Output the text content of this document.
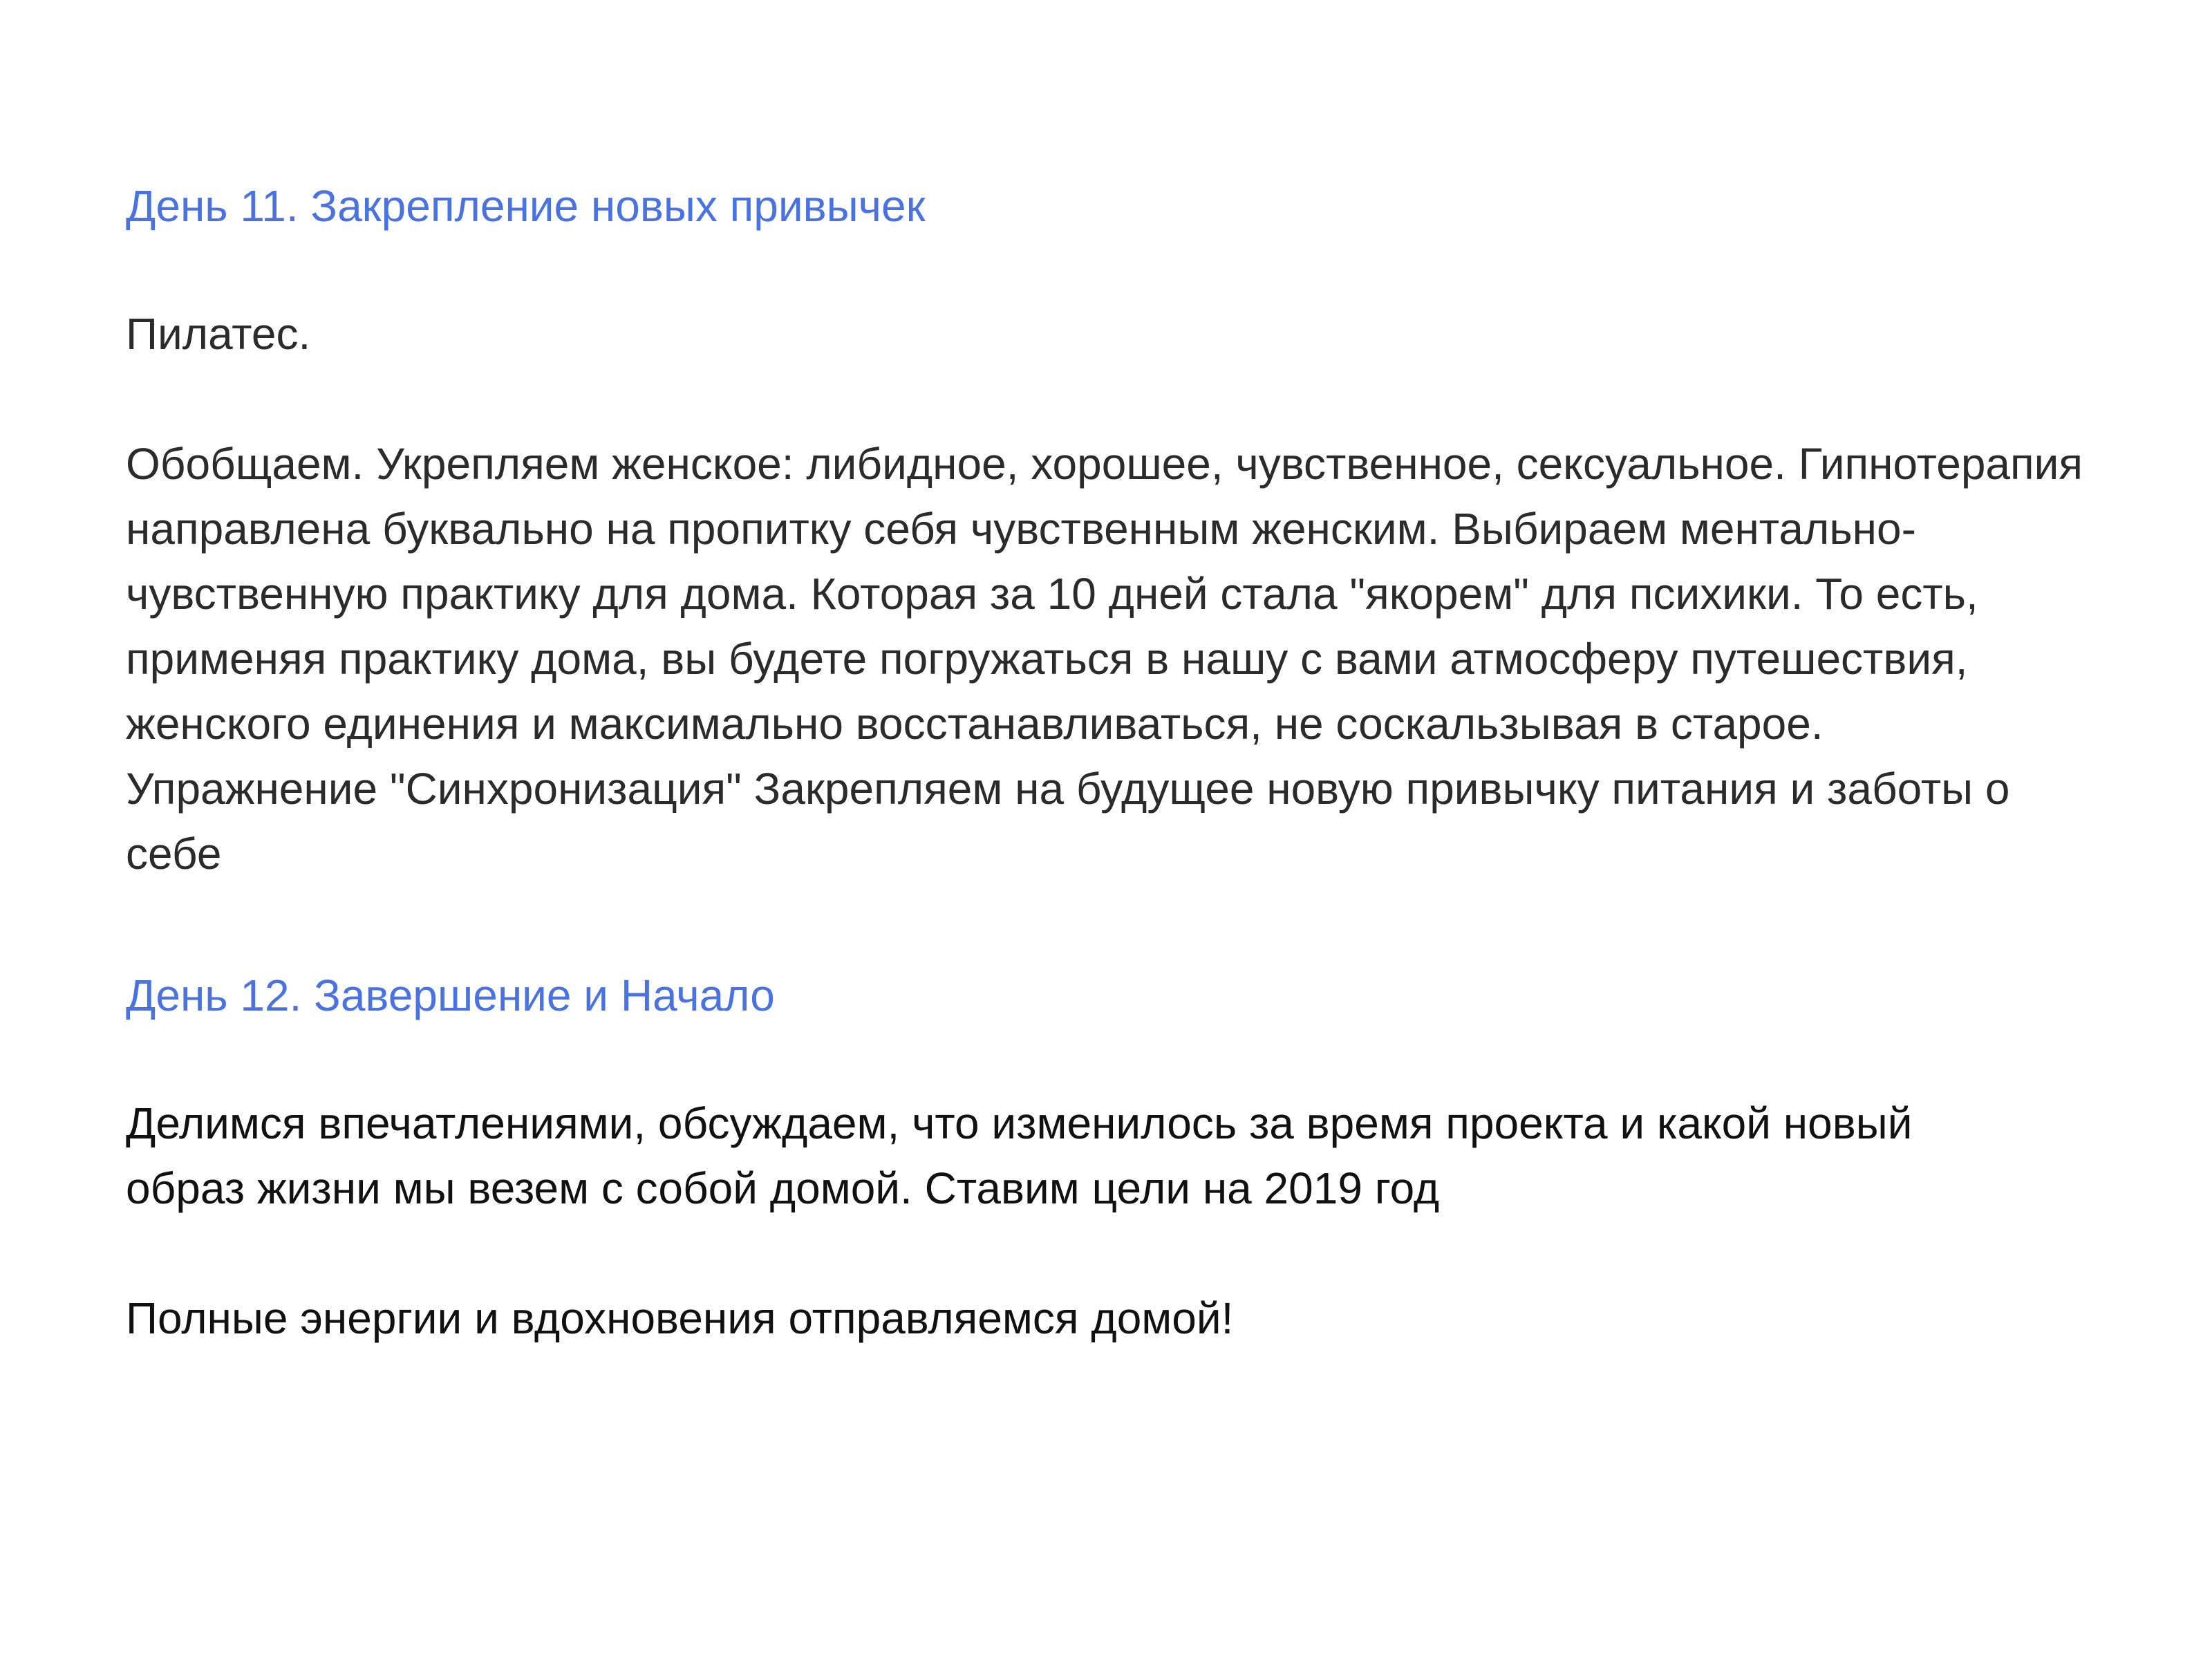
День 11. Закрепление новых привычек

Пилатес.

Обобщаем. Укрепляем женское: либидное, хорошее, чувственное, сексуальное. Гипнотерапия
направлена буквально на пропитку себя чувственным женским. Выбираем ментально-
чувственную практику для дома. Которая за 10 дней стала "якорем" для психики. То есть,
применяя практику дома, вы будете погружаться в нашу с вами атмосферу путешествия,
женского единения и максимально восстанавливаться, не соскальзывая в старое.
Упражнение "Синхронизация" Закрепляем на будущее новую привычку питания и заботы о
себе
День 12. Завершение и Начало
Делимся впечатлениями, обсуждаем, что изменилось за время проекта и какой новый
образ жизни мы везем с собой домой. Ставим цели на 2019 год

Полные энергии и вдохновения отправляемся домой!
